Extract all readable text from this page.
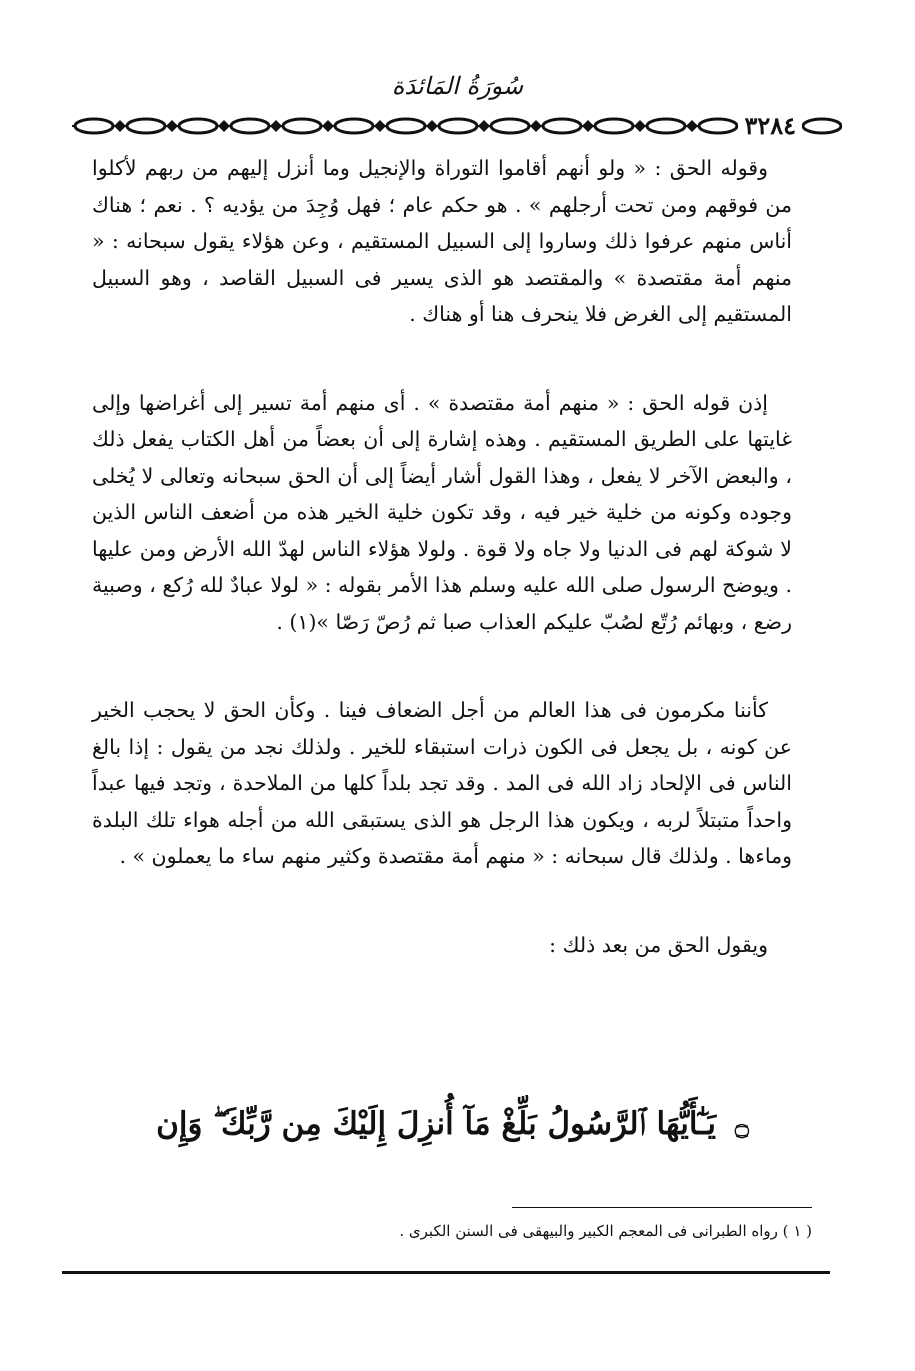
سُورَةُ المَائدَة
٣٢٨٤

وقوله الحق : « ولو أنهم أقاموا التوراة والإنجيل وما أنزل إليهم من ربهم لأكلوا من فوقهم ومن تحت أرجلهم » . هو حكم عام ؛ فهل وُجِدَ من يؤديه ؟ . نعم ؛ هناك أناس منهم عرفوا ذلك وساروا إلى السبيل المستقيم ، وعن هؤلاء يقول سبحانه : « منهم أمة مقتصدة » والمقتصد هو الذى يسير فى السبيل القاصد ، وهو السبيل المستقيم إلى الغرض فلا ينحرف هنا أو هناك .

إذن قوله الحق : « منهم أمة مقتصدة » . أى منهم أمة تسير إلى أغراضها وإلى غايتها على الطريق المستقيم . وهذه إشارة إلى أن بعضاً من أهل الكتاب يفعل ذلك ، والبعض الآخر لا يفعل ، وهذا القول أشار أيضاً إلى أن الحق سبحانه وتعالى لا يُخلى وجوده وكونه من خلية خير فيه ، وقد تكون خلية الخير هذه من أضعف الناس الذين لا شوكة لهم فى الدنيا ولا جاه ولا قوة . ولولا هؤلاء الناس لهدّ الله الأرض ومن عليها . ويوضح الرسول صلى الله عليه وسلم هذا الأمر بقوله : « لولا عبادٌ لله رُكع ، وصبية رضع ، وبهائم رُتّع لصُبّ عليكم العذاب صبا ثم رُصّ رَصّا »(١) .

كأننا مكرمون فى هذا العالم من أجل الضعاف فينا . وكأن الحق لا يحجب الخير عن كونه ، بل يجعل فى الكون ذرات استبقاء للخير . ولذلك نجد من يقول : إذا بالغ الناس فى الإلحاد زاد الله فى المد . وقد تجد بلداً كلها من الملاحدة ، وتجد فيها عبداً واحداً متبتلاً لربه ، ويكون هذا الرجل هو الذى يستبقى الله من أجله هواء تلك البلدة وماءها . ولذلك قال سبحانه : « منهم أمة مقتصدة وكثير منهم ساء ما يعملون » .

ويقول الحق من بعد ذلك :

۝ يَـٰٓأَيُّهَا ٱلرَّسُولُ بَلِّغْ مَآ أُنزِلَ إِلَيْكَ مِن رَّبِّكَ ۖ وَإِن
( ١ ) رواه الطبرانى فى المعجم الكبير والبيهقى فى السنن الكبرى .
